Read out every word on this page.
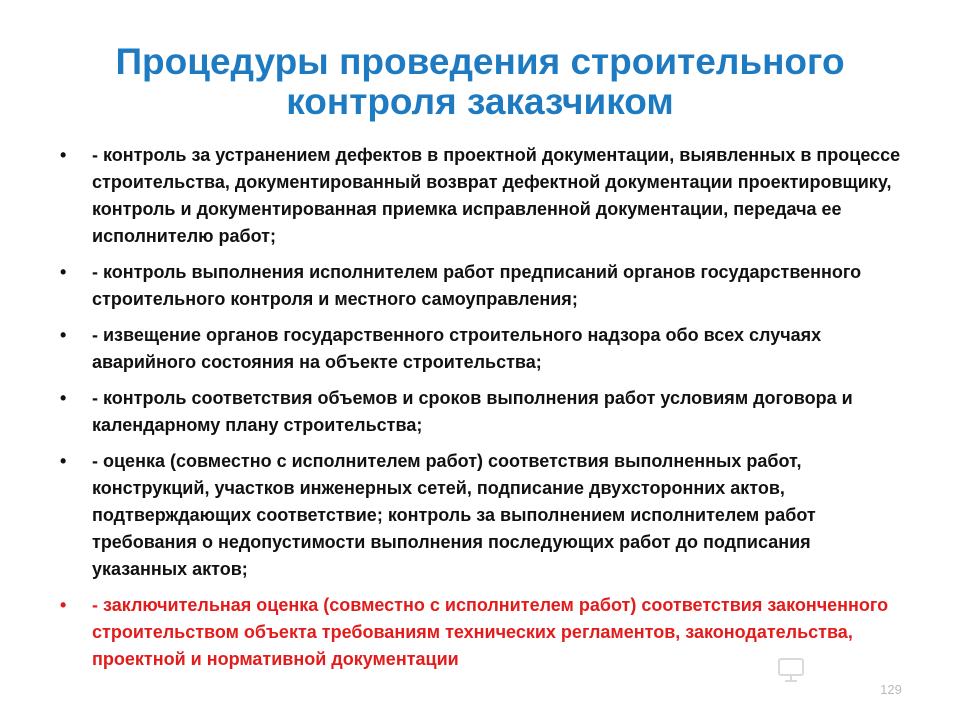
Процедуры проведения строительного контроля заказчиком
•	- контроль за устранением дефектов в проектной документации, выявленных в процессе строительства, документированный возврат дефектной документации проектировщику, контроль и документированная приемка исправленной документации, передача ее исполнителю работ;
•	- контроль выполнения исполнителем работ предписаний органов государственного строительного контроля и местного самоуправления;
•	- извещение органов государственного строительного надзора обо всех случаях аварийного состояния на объекте строительства;
•	- контроль соответствия объемов и сроков выполнения работ условиям договора и календарному плану строительства;
•	- оценка (совместно с исполнителем работ) соответствия выполненных работ, конструкций, участков инженерных сетей, подписание двухсторонних актов, подтверждающих соответствие; контроль за выполнением исполнителем работ требования о недопустимости выполнения последующих работ до подписания указанных актов;
•	- заключительная оценка (совместно с исполнителем работ) соответствия законченного строительством объекта требованиям технических регламентов, законодательства, проектной и нормативной документации
129
